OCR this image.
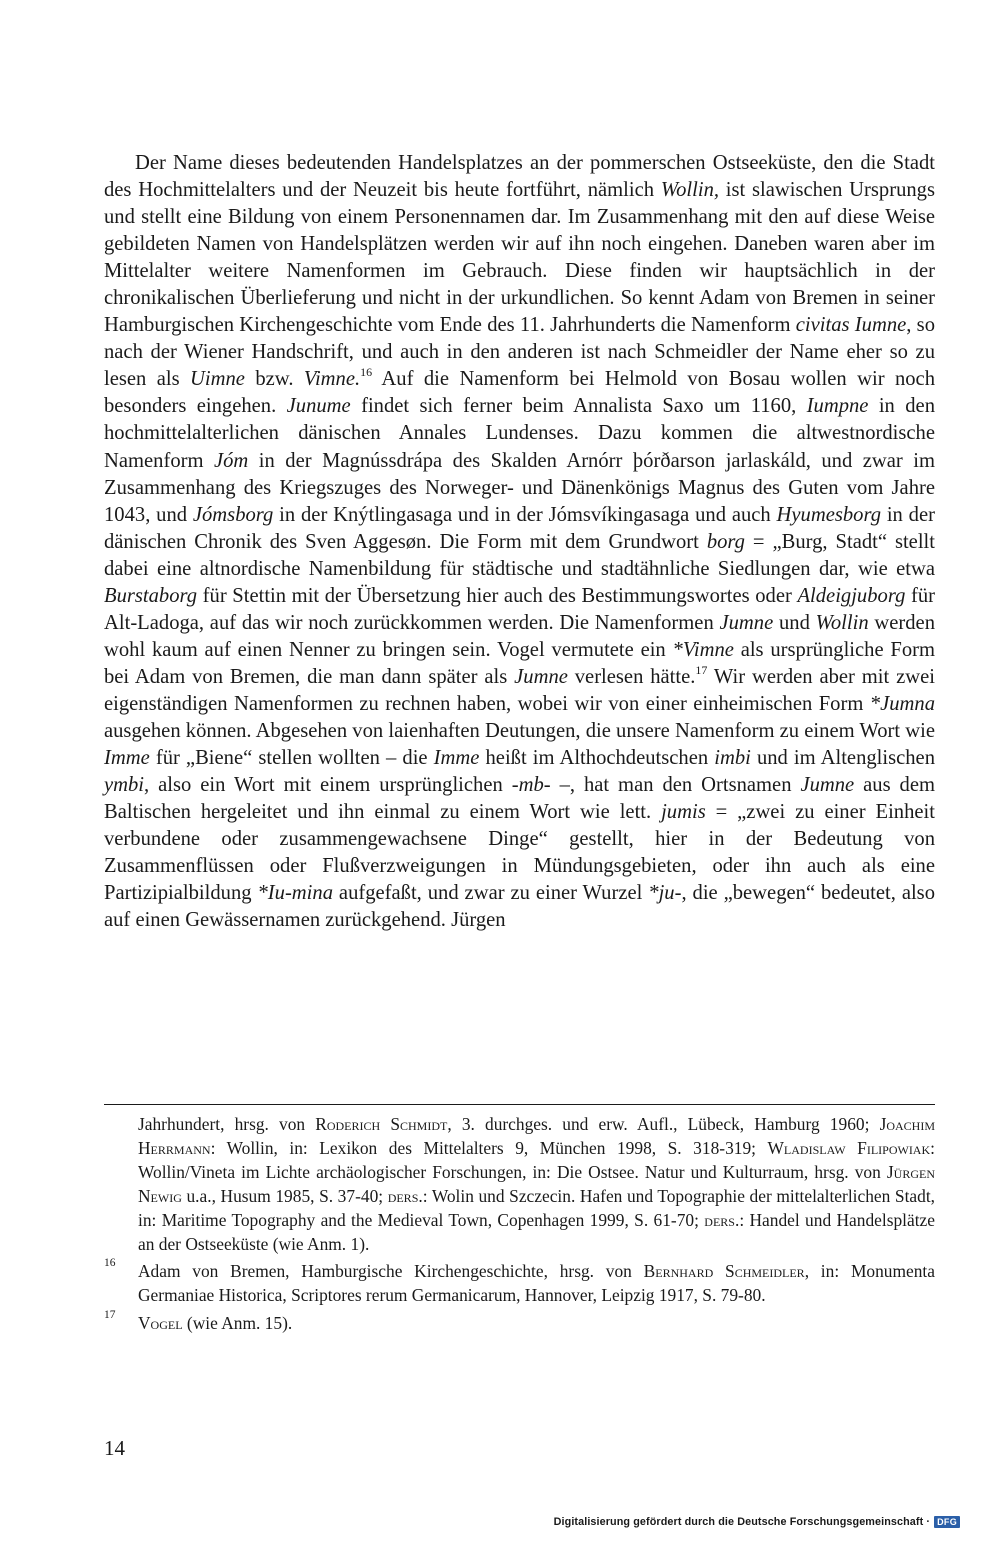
Der Name dieses bedeutenden Handelsplatzes an der pommerschen Ostseeküste, den die Stadt des Hochmittelalters und der Neuzeit bis heute fortführt, nämlich Wollin, ist slawischen Ursprungs und stellt eine Bildung von einem Personennamen dar. Im Zusammenhang mit den auf diese Weise gebildeten Namen von Handelsplätzen werden wir auf ihn noch eingehen. Daneben waren aber im Mittelalter weitere Namenformen im Gebrauch. Diese finden wir hauptsächlich in der chronikalischen Überlieferung und nicht in der urkundlichen. So kennt Adam von Bremen in seiner Hamburgischen Kirchengeschichte vom Ende des 11. Jahrhunderts die Namenform civitas Iumne, so nach der Wiener Handschrift, und auch in den anderen ist nach Schmeidler der Name eher so zu lesen als Uimne bzw. Vimne.$^{16}$ Auf die Namenform bei Helmold von Bosau wollen wir noch besonders eingehen. Junume findet sich ferner beim Annalista Saxo um 1160, Iumpne in den hochmittelalterlichen dänischen Annales Lundenses. Dazu kommen die altwestnordische Namenform Jóm in der Magnússdrápa des Skalden Arnórr þórðarson jarlaskáld, und zwar im Zusammenhang des Kriegszuges des Norweger- und Dänenkönigs Magnus des Guten vom Jahre 1043, und Jómsborg in der Knýtlingasaga und in der Jómsvíkingasaga und auch Hyumesborg in der dänischen Chronik des Sven Aggesøn. Die Form mit dem Grundwort borg = „Burg, Stadt“ stellt dabei eine altnordische Namenbildung für städtische und stadtähnliche Siedlungen dar, wie etwa Burstaborg für Stettin mit der Übersetzung hier auch des Bestimmungswortes oder Aldeigjuborg für Alt-Ladoga, auf das wir noch zurückkommen werden. Die Namenformen Jumne und Wollin werden wohl kaum auf einen Nenner zu bringen sein. Vogel vermutete ein *Vimne als ursprüngliche Form bei Adam von Bremen, die man dann später als Jumne verlesen hätte.$^{17}$ Wir werden aber mit zwei eigenständigen Namenformen zu rechnen haben, wobei wir von einer einheimischen Form *Jumna ausgehen können. Abgesehen von laienhaften Deutungen, die unsere Namenform zu einem Wort wie Imme für „Biene“ stellen wollten – die Imme heißt im Althochdeutschen imbi und im Altenglischen ymbi, also ein Wort mit einem ursprünglichen -mb- –, hat man den Ortsnamen Jumne aus dem Baltischen hergeleitet und ihn einmal zu einem Wort wie lett. jumis = „zwei zu einer Einheit verbundene oder zusammengewachsene Dinge“ gestellt, hier in der Bedeutung von Zusammenflüssen oder Flußverzweigungen in Mündungsgebieten, oder ihn auch als eine Partizipialbildung *Iu-mina aufgefaßt, und zwar zu einer Wurzel *ju-, die „bewegen“ bedeutet, also auf einen Gewässernamen zurückgehend. Jürgen

Jahrhundert, hrsg. von Roderich Schmidt, 3. durchges. und erw. Aufl., Lübeck, Hamburg 1960; Joachim Herrmann: Wollin, in: Lexikon des Mittelalters 9, München 1998, S. 318-319; Wladislaw Filipowiak: Wollin/Vineta im Lichte archäologischer Forschungen, in: Die Ostsee. Natur und Kulturraum, hrsg. von Jürgen Newig u.a., Husum 1985, S. 37-40; ders.: Wolin und Szczecin. Hafen und Topographie der mittelalterlichen Stadt, in: Maritime Topography and the Medieval Town, Copenhagen 1999, S. 61-70; ders.: Handel und Handelsplätze an der Ostseeküste (wie Anm. 1).
16 Adam von Bremen, Hamburgische Kirchengeschichte, hrsg. von Bernhard Schmeidler, in: Monumenta Germaniae Historica, Scriptores rerum Germanicarum, Hannover, Leipzig 1917, S. 79-80.
17 Vogel (wie Anm. 15).
14
Digitalisierung gefördert durch die Deutsche Forschungsgemeinschaft · DFG
